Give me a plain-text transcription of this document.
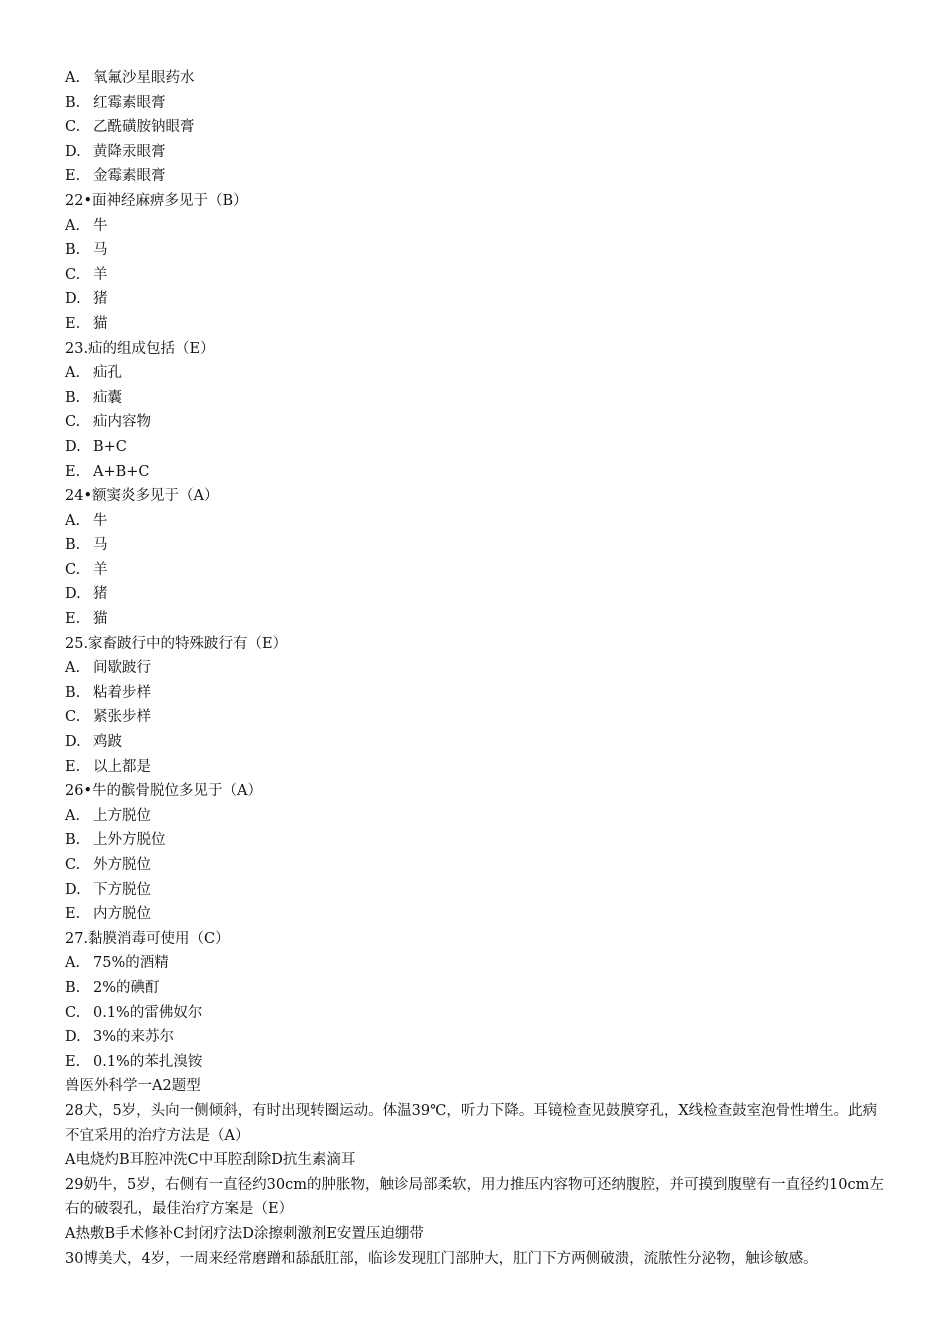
A. 氧氟沙星眼药水
B. 红霉素眼膏
C. 乙酰磺胺钠眼膏
D. 黄降汞眼膏
E. 金霉素眼膏
22•面神经麻痹多见于（B）
A. 牛
B. 马
C. 羊
D. 猪
E. 猫
23.疝的组成包括（E）
A. 疝孔
B. 疝囊
C. 疝内容物
D. B+C
E. A+B+C
24•额窦炎多见于（A）
A. 牛
B. 马
C. 羊
D. 猪
E. 猫
25.家畜跛行中的特殊跛行有（E）
A. 间歇跛行
B. 粘着步样
C. 紧张步样
D. 鸡跛
E. 以上都是
26•牛的髌骨脱位多见于（A）
A. 上方脱位
B. 上外方脱位
C. 外方脱位
D. 下方脱位
E. 内方脱位
27.黏膜消毒可使用（C）
A. 75%的酒精
B. 2%的碘酊
C. 0.1%的雷佛奴尔
D. 3%的来苏尔
E. 0.1%的苯扎溴铵
兽医外科学一A2题型
28犬，5岁，头向一侧倾斜，有时出现转圈运动。体温39℃，听力下降。耳镜检查见鼓膜穿孔，X线检查鼓室泡骨性增生。此病不宜采用的治疗方法是（A）
A电烧灼B耳腔冲洗C中耳腔刮除D抗生素滴耳
29奶牛，5岁，右侧有一直径约30cm的肿胀物，触诊局部柔软，用力推压内容物可还纳腹腔，并可摸到腹壁有一直径约10cm左右的破裂孔，最佳治疗方案是（E）
A热敷B手术修补C封闭疗法D涂擦刺激剂E安置压迫绷带
30博美犬，4岁，一周来经常磨蹭和舔舐肛部，临诊发现肛门部肿大，肛门下方两侧破溃，流脓性分泌物，触诊敏感。
